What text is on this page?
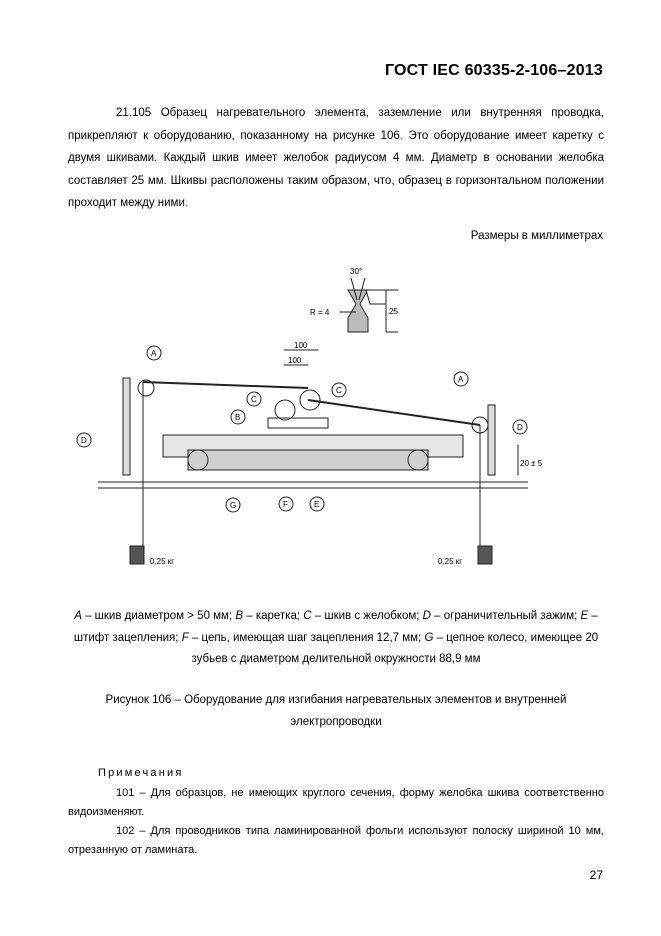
ГОСТ IEC 60335-2-106–2013

21.105 Образец нагревательного элемента, заземление или внутренняя проводка, прикрепляют к оборудованию, показанному на рисунке 106. Это оборудование имеет каретку с двумя шкивами. Каждый шкив имеет желобок радиусом 4 мм. Диаметр в основании желобка составляет 25 мм. Шкивы расположены таким образом, что, образец в горизонтальном положении проходит между ними.

Размеры в миллиметрах
30°
R = 4	25
100
100
20 ± 5
0,25 кг	0,25 кг
A
A
B
C
C
D
D
E
F
G
A – шкив диаметром > 50 мм; B – каретка; C – шкив с желобком; D – ограничительный зажим; E – штифт зацепления; F – цепь, имеющая шаг зацепления 12,7 мм; G – цепное колесо, имеющее 20 зубьев с диаметром делительной окружности 88,9 мм
Рисунок 106 – Оборудование для изгибания нагревательных элементов и внутренней электропроводки
Примечания

101 – Для образцов, не имеющих круглого сечения, форму желобка шкива соответственно видоизменяют.

102 – Для проводников типа ламинированной фольги используют полоску шириной 10 мм, отрезанную от ламината.

27
